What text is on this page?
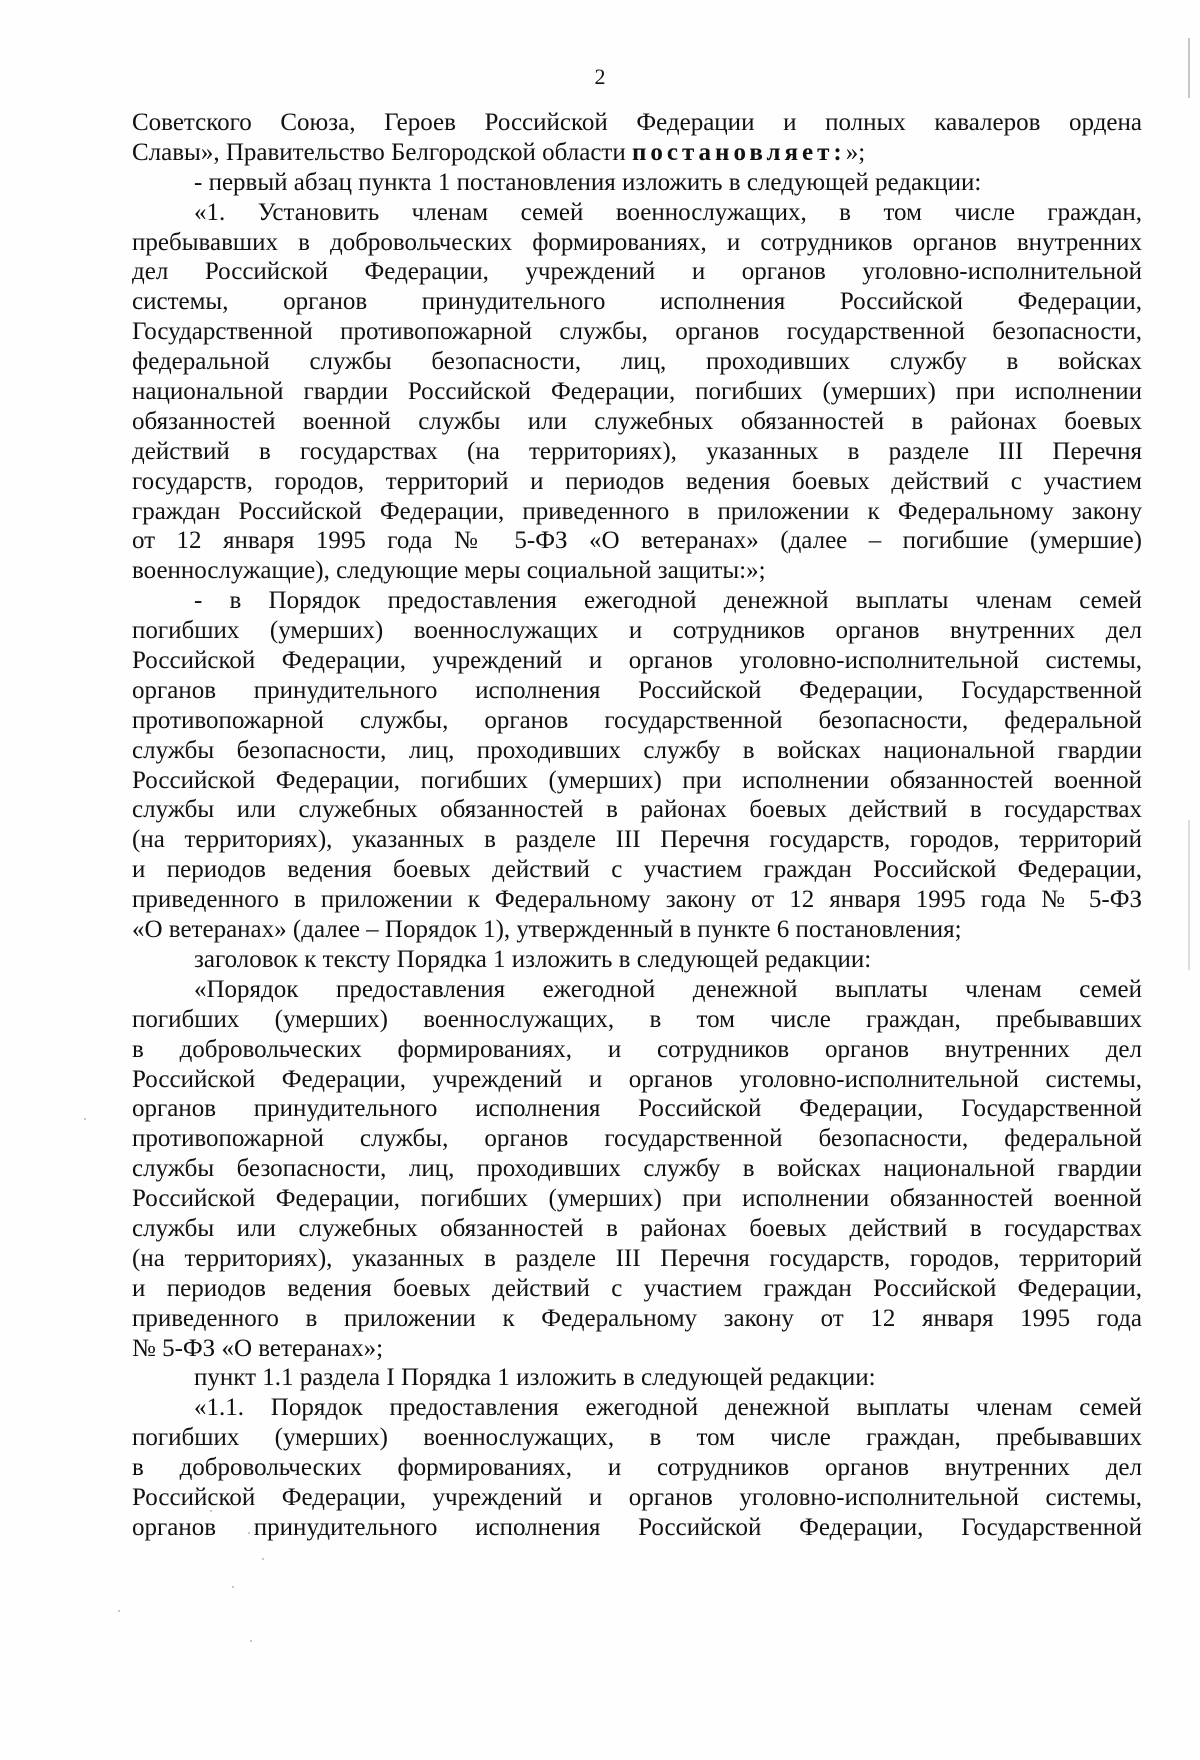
2
Советского Союза, Героев Российской Федерации и полных кавалеров ордена
Славы», Правительство Белгородской области постановляет:»;
- первый абзац пункта 1 постановления изложить в следующей редакции:
«1. Установить членам семей военнослужащих, в том числе граждан,
пребывавших в добровольческих формированиях, и сотрудников органов внутренних
дел Российской Федерации, учреждений и органов уголовно-исполнительной
системы, органов принудительного исполнения Российской Федерации,
Государственной противопожарной службы, органов государственной безопасности,
федеральной службы безопасности, лиц, проходивших службу в войсках
национальной гвардии Российской Федерации, погибших (умерших) при исполнении
обязанностей военной службы или служебных обязанностей в районах боевых
действий в государствах (на территориях), указанных в разделе III Перечня
государств, городов, территорий и периодов ведения боевых действий с участием
граждан Российской Федерации, приведенного в приложении к Федеральному закону
от 12 января 1995 года № 5-ФЗ «О ветеранах» (далее – погибшие (умершие)
военнослужащие), следующие меры социальной защиты:»;
- в Порядок предоставления ежегодной денежной выплаты членам семей
погибших (умерших) военнослужащих и сотрудников органов внутренних дел
Российской Федерации, учреждений и органов уголовно-исполнительной системы,
органов принудительного исполнения Российской Федерации, Государственной
противопожарной службы, органов государственной безопасности, федеральной
службы безопасности, лиц, проходивших службу в войсках национальной гвардии
Российской Федерации, погибших (умерших) при исполнении обязанностей военной
службы или служебных обязанностей в районах боевых действий в государствах
(на территориях), указанных в разделе III Перечня государств, городов, территорий
и периодов ведения боевых действий с участием граждан Российской Федерации,
приведенного в приложении к Федеральному закону от 12 января 1995 года № 5-ФЗ
«О ветеранах» (далее – Порядок 1), утвержденный в пункте 6 постановления;
заголовок к тексту Порядка 1 изложить в следующей редакции:
«Порядок предоставления ежегодной денежной выплаты членам семей
погибших (умерших) военнослужащих, в том числе граждан, пребывавших
в добровольческих формированиях, и сотрудников органов внутренних дел
Российской Федерации, учреждений и органов уголовно-исполнительной системы,
органов принудительного исполнения Российской Федерации, Государственной
противопожарной службы, органов государственной безопасности, федеральной
службы безопасности, лиц, проходивших службу в войсках национальной гвардии
Российской Федерации, погибших (умерших) при исполнении обязанностей военной
службы или служебных обязанностей в районах боевых действий в государствах
(на территориях), указанных в разделе III Перечня государств, городов, территорий
и периодов ведения боевых действий с участием граждан Российской Федерации,
приведенного в приложении к Федеральному закону от 12 января 1995 года
№ 5-ФЗ «О ветеранах»;
пункт 1.1 раздела I Порядка 1 изложить в следующей редакции:
«1.1. Порядок предоставления ежегодной денежной выплаты членам семей
погибших (умерших) военнослужащих, в том числе граждан, пребывавших
в добровольческих формированиях, и сотрудников органов внутренних дел
Российской Федерации, учреждений и органов уголовно-исполнительной системы,
органов принудительного исполнения Российской Федерации, Государственной
